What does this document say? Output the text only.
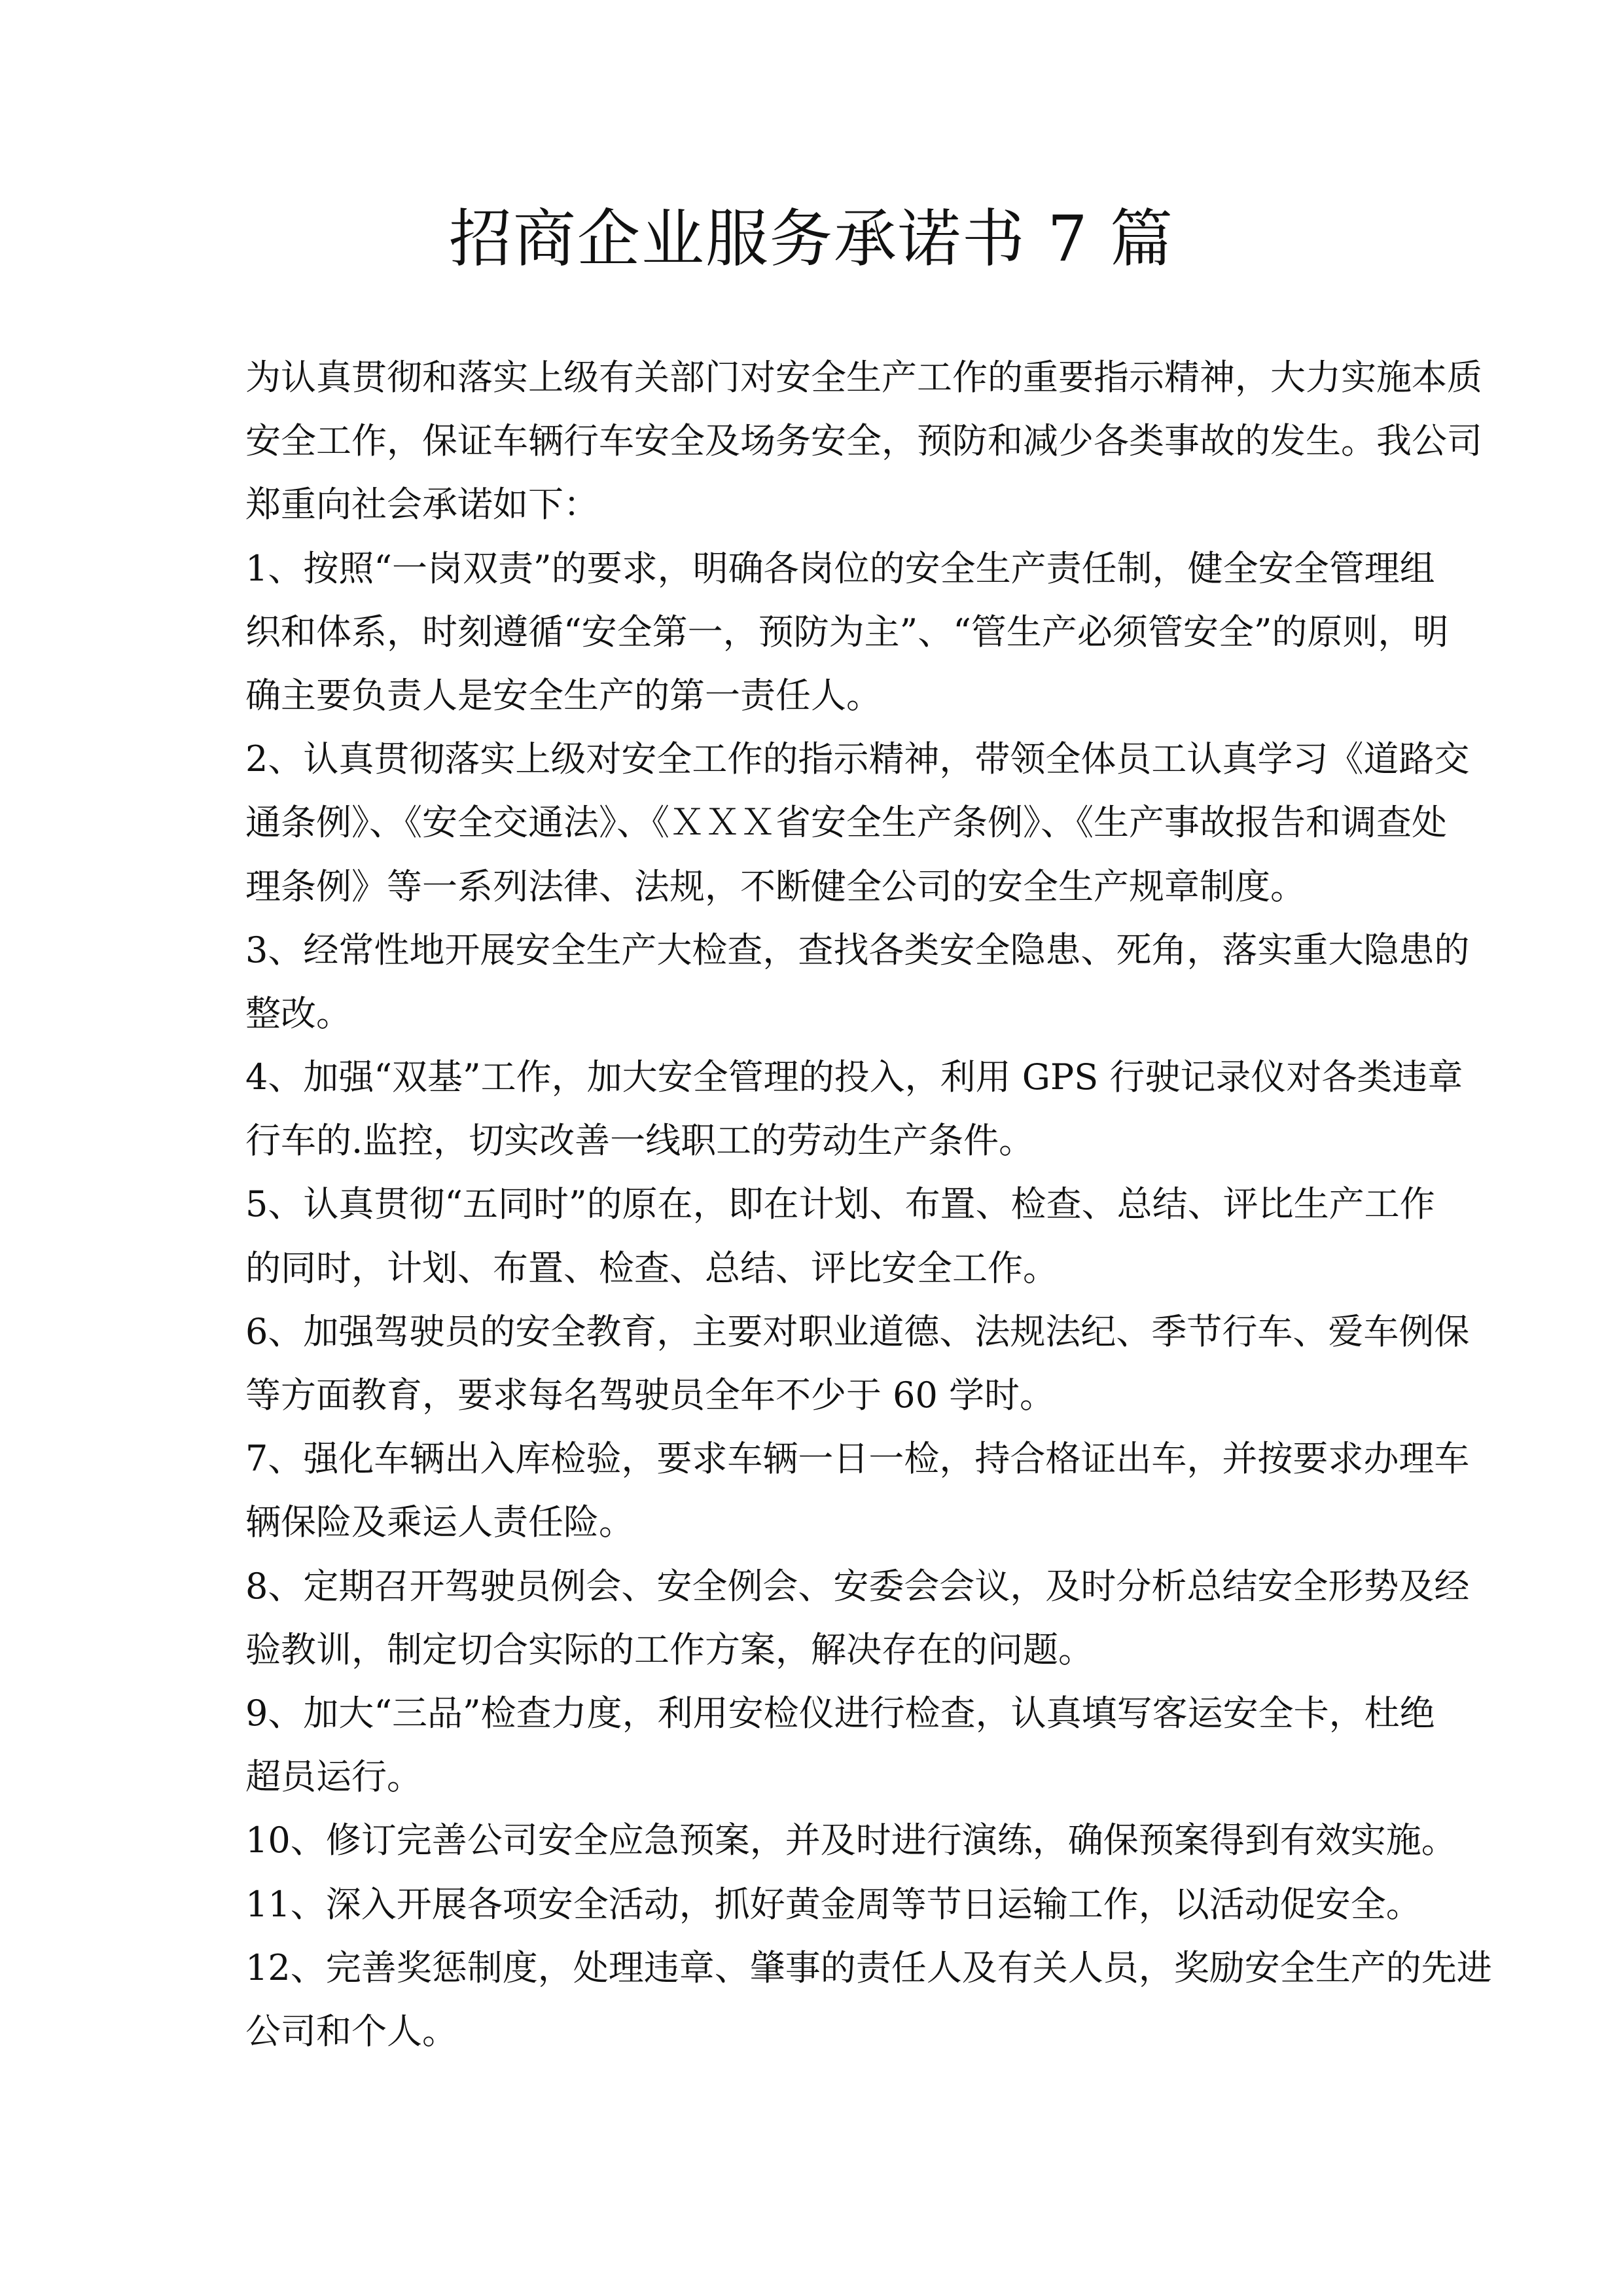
招商企业服务承诺书 7 篇
为认真贯彻和落实上级有关部门对安全生产工作的重要指示精神，大力实施本质
安全工作，保证车辆行车安全及场务安全，预防和减少各类事故的发生。我公司
郑重向社会承诺如下：
1、按照“一岗双责”的要求，明确各岗位的安全生产责任制，健全安全管理组
织和体系，时刻遵循“安全第一，预防为主”、“管生产必须管安全”的原则，明
确主要负责人是安全生产的第一责任人。
2、认真贯彻落实上级对安全工作的指示精神，带领全体员工认真学习《道路交
通条例》、《安全交通法》、《ＸＸＸ省安全生产条例》、《生产事故报告和调查处
理条例》等一系列法律、法规，不断健全公司的安全生产规章制度。
3、经常性地开展安全生产大检查，查找各类安全隐患、死角，落实重大隐患的
整改。
4、加强“双基”工作，加大安全管理的投入，利用 GPS 行驶记录仪对各类违章
行车的.监控，切实改善一线职工的劳动生产条件。
5、认真贯彻“五同时”的原在，即在计划、布置、检查、总结、评比生产工作
的同时，计划、布置、检查、总结、评比安全工作。
6、加强驾驶员的安全教育，主要对职业道德、法规法纪、季节行车、爱车例保
等方面教育，要求每名驾驶员全年不少于 60 学时。
7、强化车辆出入库检验，要求车辆一日一检，持合格证出车，并按要求办理车
辆保险及乘运人责任险。
8、定期召开驾驶员例会、安全例会、安委会会议，及时分析总结安全形势及经
验教训，制定切合实际的工作方案，解决存在的问题。
9、加大“三品”检查力度，利用安检仪进行检查，认真填写客运安全卡，杜绝
超员运行。
10、修订完善公司安全应急预案，并及时进行演练，确保预案得到有效实施。
11、深入开展各项安全活动，抓好黄金周等节日运输工作，以活动促安全。
12、完善奖惩制度，处理违章、肇事的责任人及有关人员，奖励安全生产的先进
公司和个人。
